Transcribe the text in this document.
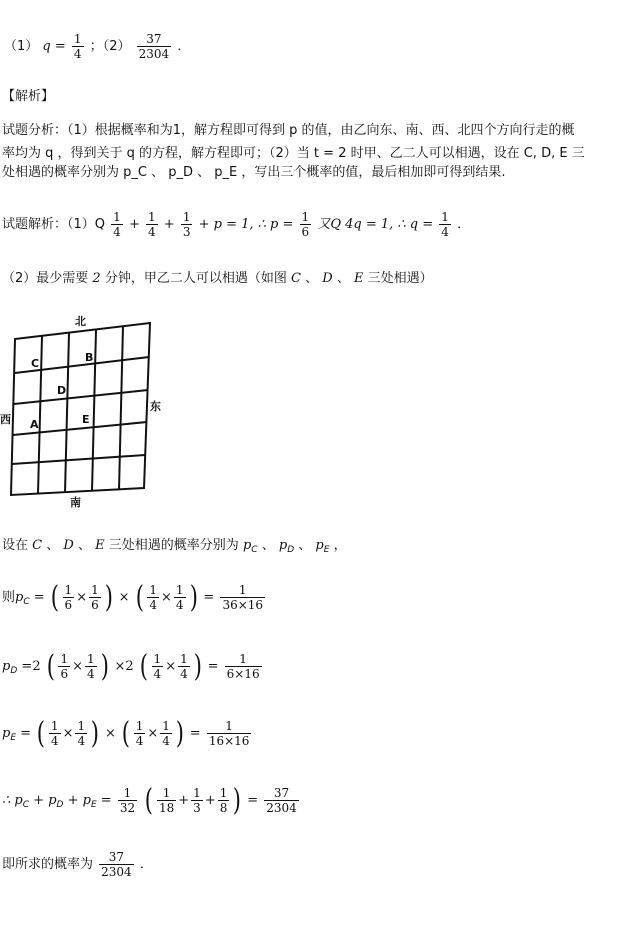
（1） $q = \frac{1}{4}$ ；$(2) \frac{37}{2304}$ ．
【解析】
试题分析：（1）根据概率和为1，解方程即可得到 p 的值，由乙向东、南、西、北四个方向行走的概
率均为 q ，得到关于 q 的方程，解方程即可；（2）当 t = 2 时甲、乙二人可以相遇，设在 C, D, E 三
处相遇的概率分别为 p_C 、 p_D 、 p_E ，写出三个概率的值，最后相加即可得到结果.
试题解析：$(1)Q \frac{1}{4} + \frac{1}{4} + \frac{1}{3} + p = 1$, ∴ $p = \frac{1}{6}$ 又Q 4q = 1, ∴ $q = \frac{1}{4}$ ．
（2）最少需要 2 分钟，甲乙二人可以相遇（如图 C 、 D 、 E 三处相遇）
北
南
东
西
C	B
D
A	E
设在 C 、 D 、 E 三处相遇的概率分别为 $p_C$ 、 $p_D$ 、 $p_E$ ，
则$p_C$ = ( $\frac{1}{6} \times \frac{1}{6}$ ) × ( $\frac{1}{4} \times \frac{1}{4}$ ) = $\frac{1}{36\times 16}$
$p_D =2$ ( $\frac{1}{6} \times \frac{1}{4}$ ) ×2 ( $\frac{1}{4} \times \frac{1}{4}$ ) = $\frac{1}{6\times 16}$
$p_E$ = ( $\frac{1}{4} \times \frac{1}{4}$ ) × ( $\frac{1}{4} \times \frac{1}{4}$ ) = $\frac{1}{16\times 16}$
∴ $p_C + p_D + p_E = \frac{1}{32}$ ( $\frac{1}{18} + \frac{1}{3} + \frac{1}{8}$ ) = $\frac{37}{2304}$
即所求的概率为 $\frac{37}{2304}$ ．
